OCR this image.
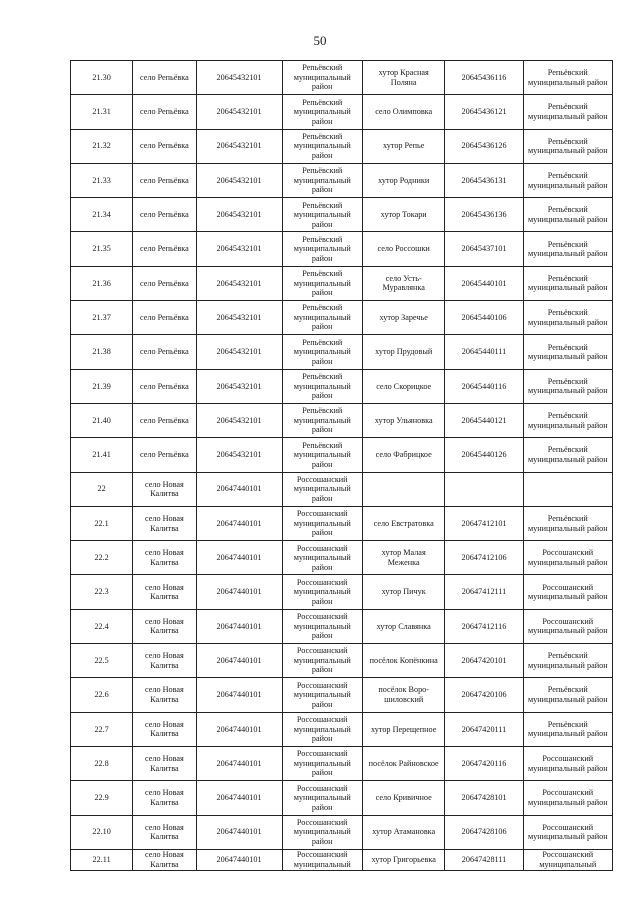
50
21.30	село Репьёвка	20645432101	Репьёвский муниципальный район	хутор Красная Поляна	20645436116	Репьёвский муниципальный район
21.31	село Репьёвка	20645432101	Репьёвский муниципальный район	село Олимповка	20645436121	Репьёвский муниципальный район
21.32	село Репьёвка	20645432101	Репьёвский муниципальный район	хутор Репье	20645436126	Репьёвский муниципальный район
21.33	село Репьёвка	20645432101	Репьёвский муниципальный район	хутор Родники	20645436131	Репьёвский муниципальный район
21.34	село Репьёвка	20645432101	Репьёвский муниципальный район	хутор Токари	20645436136	Репьёвский муниципальный район
21.35	село Репьёвка	20645432101	Репьёвский муниципальный район	село Россошки	20645437101	Репьёвский муниципальный район
21.36	село Репьёвка	20645432101	Репьёвский муниципальный район	село Усть-Муравлянка	20645440101	Репьёвский муниципальный район
21.37	село Репьёвка	20645432101	Репьёвский муниципальный район	хутор Заречье	20645440106	Репьёвский муниципальный район
21.38	село Репьёвка	20645432101	Репьёвский муниципальный район	хутор Прудовый	20645440111	Репьёвский муниципальный район
21.39	село Репьёвка	20645432101	Репьёвский муниципальный район	село Скорицкое	20645440116	Репьёвский муниципальный район
21.40	село Репьёвка	20645432101	Репьёвский муниципальный район	хутор Ульяновка	20645440121	Репьёвский муниципальный район
21.41	село Репьёвка	20645432101	Репьёвский муниципальный район	село Фабрицкое	20645440126	Репьёвский муниципальный район
22	село Новая Калитва	20647440101	Россошанский муниципальный район			
22.1	село Новая Калитва	20647440101	Россошанский муниципальный район	село Евстратовка	20647412101	Репьёвский муниципальный район
22.2	село Новая Калитва	20647440101	Россошанский муниципальный район	хутор Малая Меженка	20647412106	Россошанский муниципальный район
22.3	село Новая Калитва	20647440101	Россошанский муниципальный район	хутор Пичук	20647412111	Россошанский муниципальный район
22.4	село Новая Калитва	20647440101	Россошанский муниципальный район	хутор Славянка	20647412116	Россошанский муниципальный район
22.5	село Новая Калитва	20647440101	Россошанский муниципальный район	посёлок Копёнкина	20647420101	Репьёвский муниципальный район
22.6	село Новая Калитва	20647440101	Россошанский муниципальный район	посёлок Воро-шиловский	20647420106	Репьёвский муниципальный район
22.7	село Новая Калитва	20647440101	Россошанский муниципальный район	хутор Перещепное	20647420111	Репьёвский муниципальный район
22.8	село Новая Калитва	20647440101	Россошанский муниципальный район	посёлок Райновское	20647420116	Россошанский муниципальный район
22.9	село Новая Калитва	20647440101	Россошанский муниципальный район	село Кривичное	20647428101	Россошанский муниципальный район
22.10	село Новая Калитва	20647440101	Россошанский муниципальный район	хутор Атамановка	20647428106	Россошанский муниципальный район
22.11	село Новая Калитва	20647440101	Россошанский муниципальный	хутор Григорьевка	20647428111	Россошанский муниципальный
